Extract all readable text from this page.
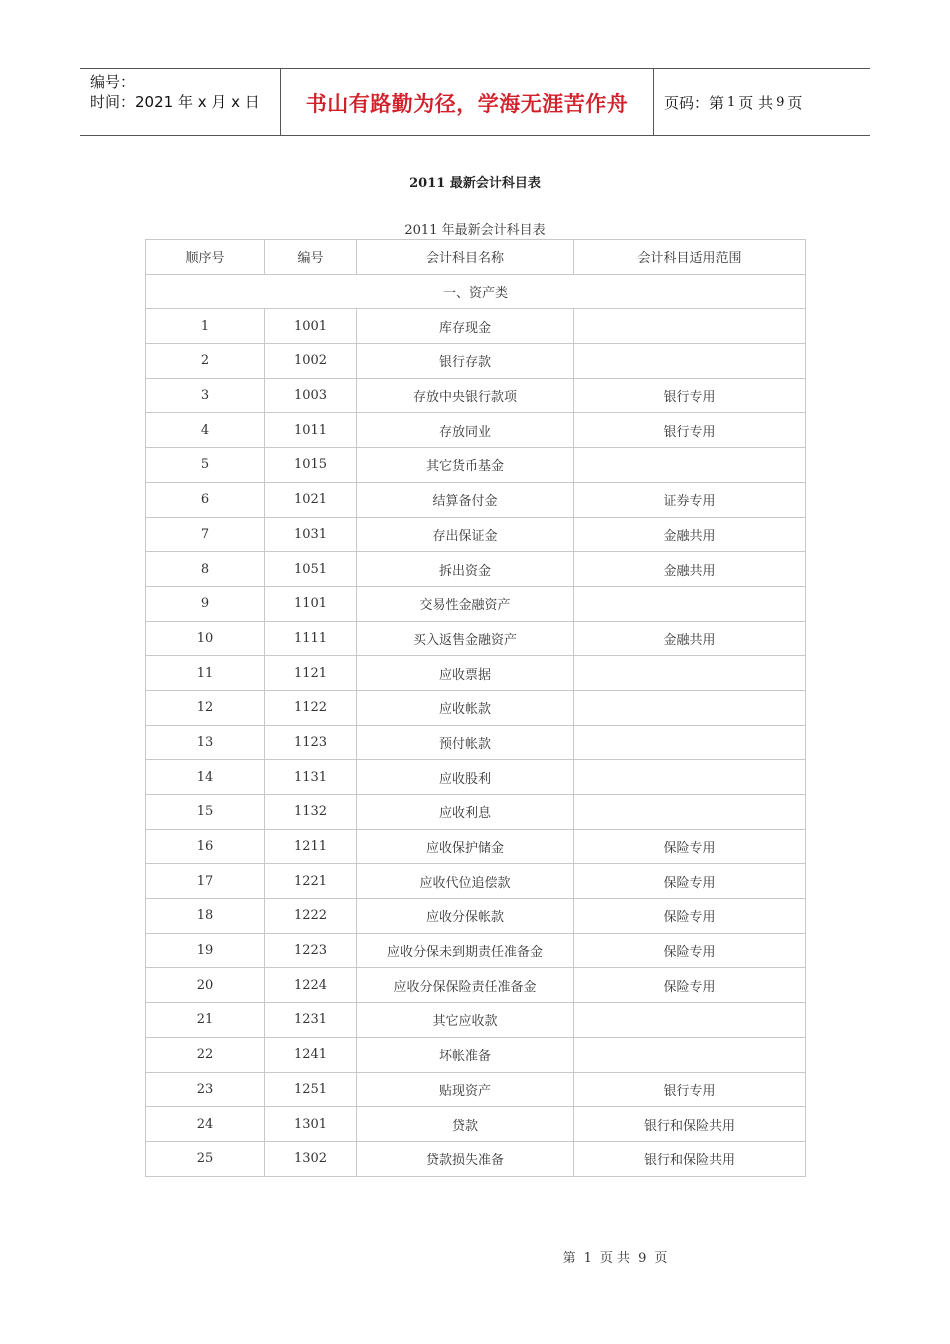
编号：
时间：2021 年 x 月 x 日	书山有路勤为径，学海无涯苦作舟	页码：第 1 页 共 9 页
2011 最新会计科目表
2011 年最新会计科目表
顺序号	编号	会计科目名称	会计科目适用范围
一、资产类			
1	1001	库存现金	
2	1002	银行存款	
3	1003	存放中央银行款项	银行专用
4	1011	存放同业	银行专用
5	1015	其它货币基金	
6	1021	结算备付金	证券专用
7	1031	存出保证金	金融共用
8	1051	拆出资金	金融共用
9	1101	交易性金融资产	
10	1111	买入返售金融资产	金融共用
11	1121	应收票据	
12	1122	应收帐款	
13	1123	预付帐款	
14	1131	应收股利	
15	1132	应收利息	
16	1211	应收保护储金	保险专用
17	1221	应收代位追偿款	保险专用
18	1222	应收分保帐款	保险专用
19	1223	应收分保未到期责任准备金	保险专用
20	1224	应收分保保险责任准备金	保险专用
21	1231	其它应收款	
22	1241	坏帐准备	
23	1251	贴现资产	银行专用
24	1301	贷款	银行和保险共用
25	1302	贷款损失准备	银行和保险共用
第 1 页 共 9 页
